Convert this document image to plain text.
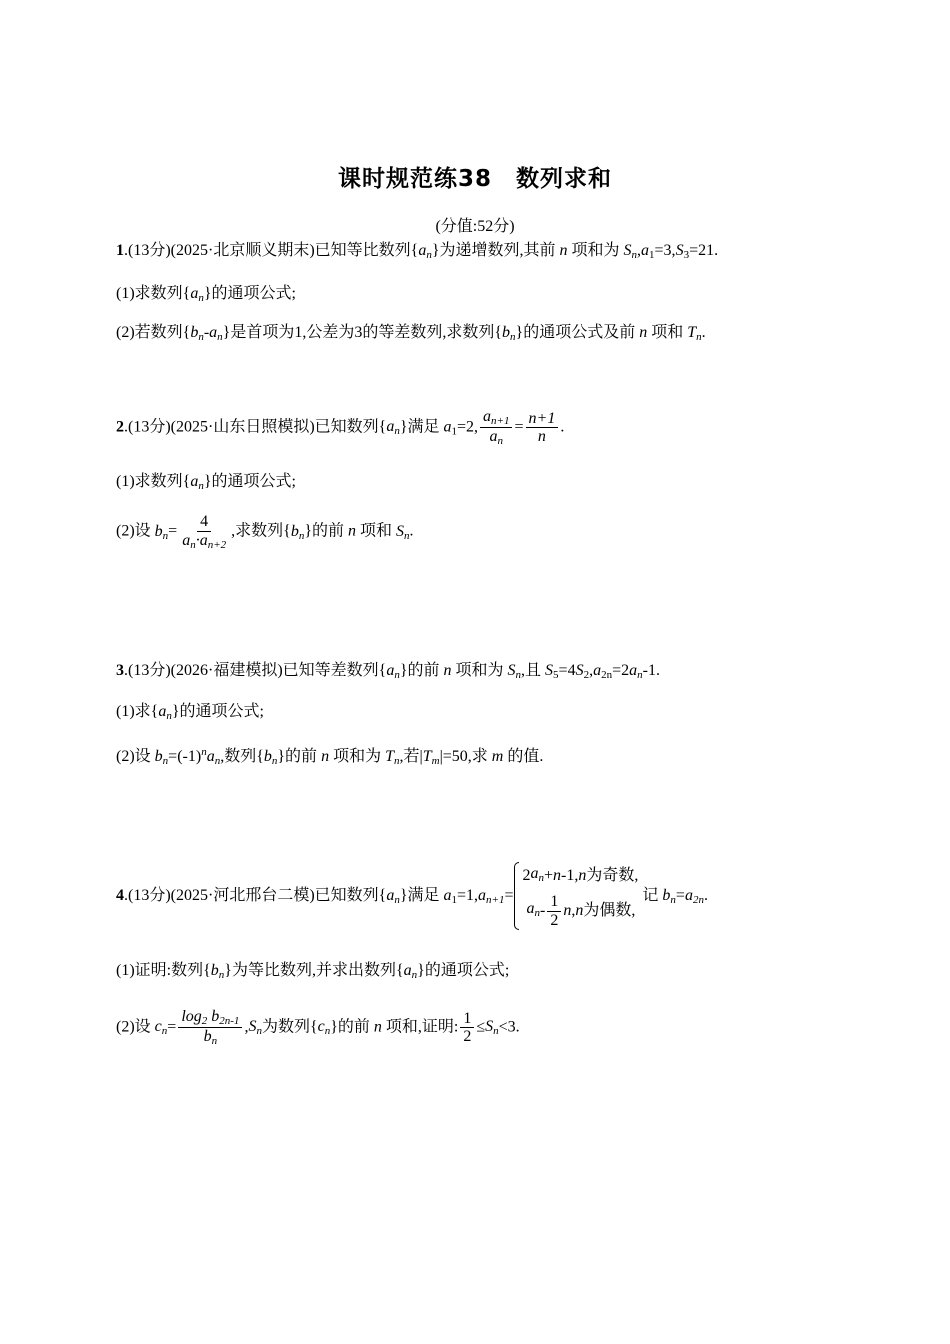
课时规范练38　数列求和
(分值:52分)
1.(13分)(2025·北京顺义期末)已知等比数列$\{a_n\}$为递增数列,其前 n 项和为 $S_n,a_1=3,S_3=21$.
(1)求数列$\{a_n\}$的通项公式;
(2)若数列$\{b_n-a_n\}$是首项为1,公差为3的等差数列,求数列$\{b_n\}$的通项公式及前 n 项和 $T_n$.
2.(13分)(2025·山东日照模拟)已知数列$\{a_n\}$满足 $a_1=2$, $\frac{a_{n+1}}{a_n} = \frac{n+1}{n}$ .
(1)求数列$\{a_n\}$的通项公式;
(2)设 $b_n= \frac{4}{a_n\cdot a_{n+2}}$ ,求数列$\{b_n\}$的前 n 项和 $S_n$.
3.(13分)(2026·福建模拟)已知等差数列$\{a_n\}$的前 n 项和为 $S_n$,且 $S_5=4S_2,a_{2n}=2a_n-1$.
(1)求$\{a_n\}$的通项公式;
(2)设 $b_n=(-1)^na_n$,数列$\{b_n\}$的前 n 项和为 $T_n$,若$|T_m|=50$,求 m 的值.
4.(13分)(2025·河北邢台二模)已知数列$\{a_n\}$满足 $a_1=1,a_{n+1}=$
2 $a_n + n$ -1, n 为奇数,
$a_n - \frac{1}{2}$ n , n 为偶数,
记 $b_n=a_{2n}$.
(1)证明:数列$\{b_n\}$为等比数列,并求出数列$\{a_n\}$的通项公式;
(2)设 $c_n= \frac{\log_2 b_{2n-1}}{b_n} ,S_n$为数列$\{c_n\}$的前 n 项和,证明: $\frac{1}{2} \le S_n<3$.
